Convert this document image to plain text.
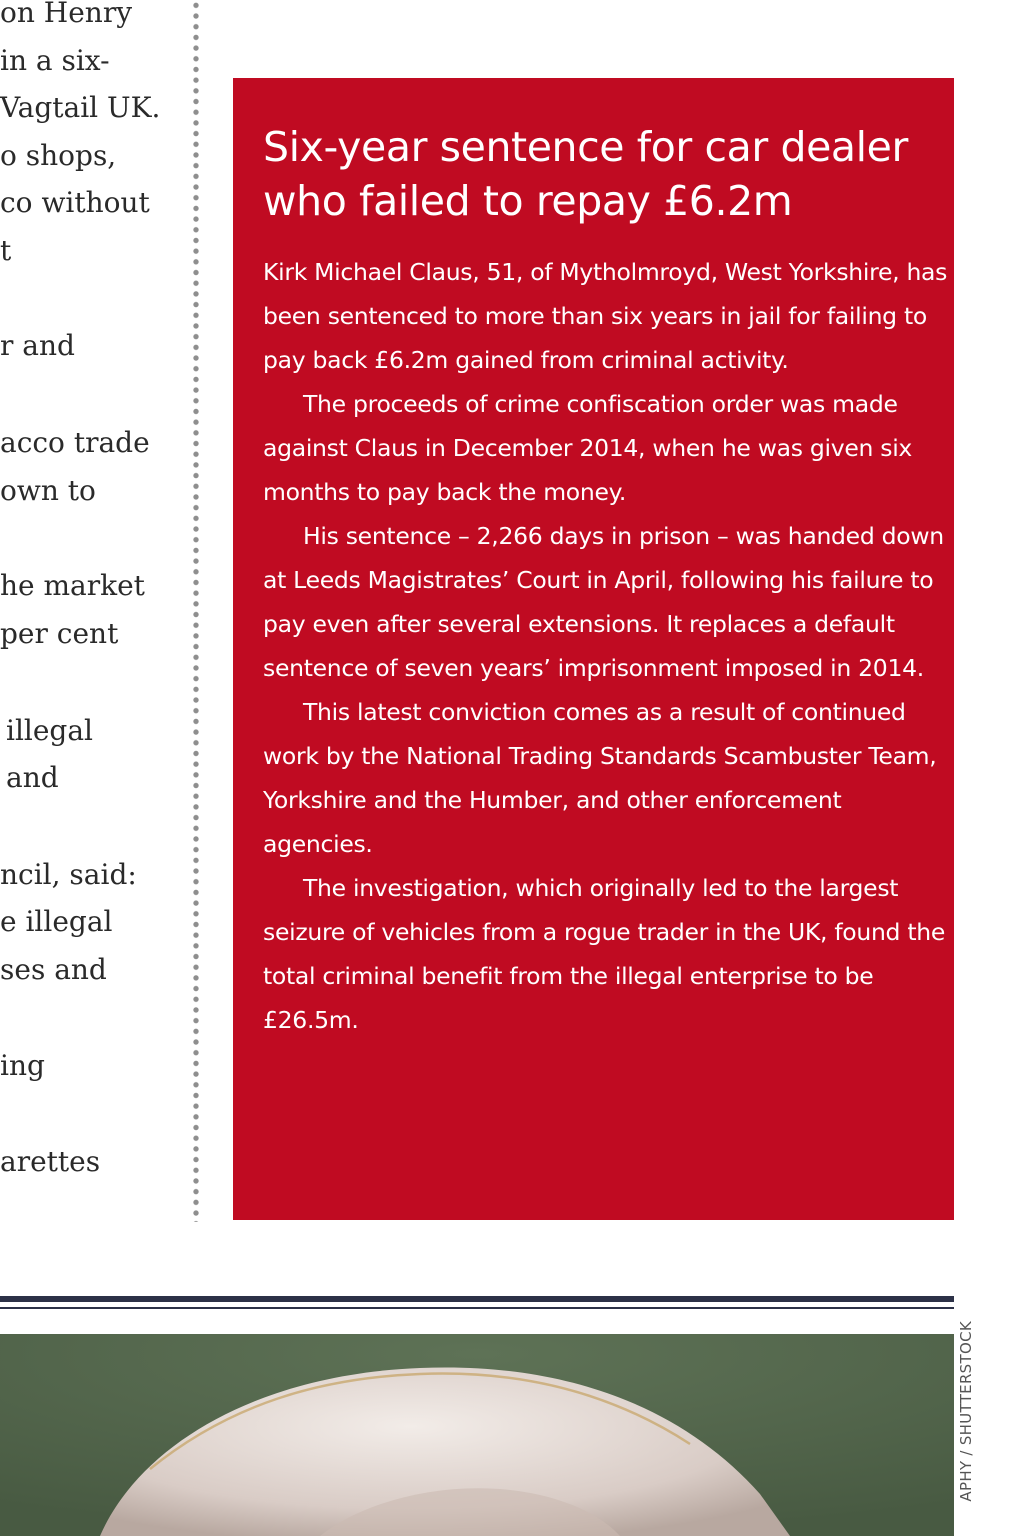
on Henry
in a six-
Vagtail UK.
o shops,
co without
t
r and
acco trade
own to
he market
per cent
illegal
and
ncil, said:
e illegal
ses and
ing
arettes
Six-year sentence for car dealer who failed to repay £6.2m

Kirk Michael Claus, 51, of Mytholmroyd, West Yorkshire, has been sentenced to more than six years in jail for failing to pay back £6.2m gained from criminal activity.

The proceeds of crime confiscation order was made against Claus in December 2014, when he was given six months to pay back the money.

His sentence – 2,266 days in prison – was handed down at Leeds Magistrates’ Court in April, following his failure to pay even after several extensions. It replaces a default sentence of seven years’ imprisonment imposed in 2014.

This latest conviction comes as a result of continued work by the National Trading Standards Scambuster Team, Yorkshire and the Humber, and other enforcement agencies.

The investigation, which originally led to the largest seizure of vehicles from a rogue trader in the UK, found the total criminal benefit from the illegal enterprise to be £26.5m.

APHY / SHUTTERSTOCK
